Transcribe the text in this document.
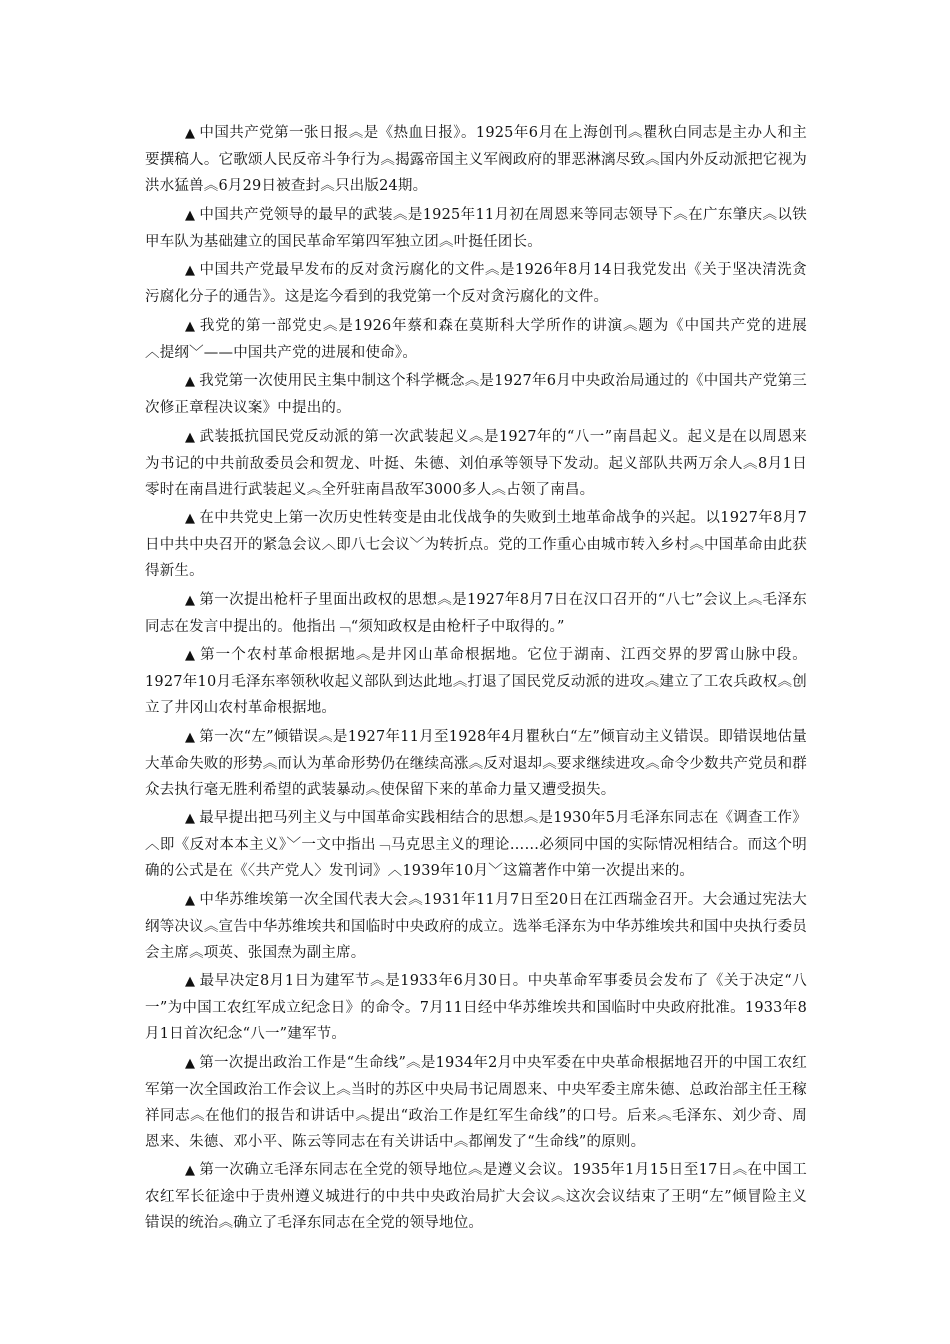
▲ 中国共产党第一张日报︽是《热血日报》。1925年6月在上海创刊︽瞿秋白同志是主办人和主要撰稿人。它歌颂人民反帝斗争行为︽揭露帝国主义军阀政府的罪恶淋漓尽致︽国内外反动派把它视为洪水猛兽︽6月29日被查封︽只出版24期。

▲ 中国共产党领导的最早的武装︽是1925年11月初在周恩来等同志领导下︽在广东肇庆︽以铁甲车队为基础建立的国民革命军第四军独立团︽叶挺任团长。

▲ 中国共产党最早发布的反对贪污腐化的文件︽是1926年8月14日我党发出《关于坚决清洗贪污腐化分子的通告》。这是迄今看到的我党第一个反对贪污腐化的文件。

▲ 我党的第一部党史︽是1926年蔡和森在莫斯科大学所作的讲演︽题为《中国共产党的进展︿提纲﹀——中国共产党的进展和使命》。

▲ 我党第一次使用民主集中制这个科学概念︽是1927年6月中央政治局通过的《中国共产党第三次修正章程决议案》中提出的。

▲ 武装抵抗国民党反动派的第一次武装起义︽是1927年的“八一”南昌起义。起义是在以周恩来为书记的中共前敌委员会和贺龙、叶挺、朱德、刘伯承等领导下发动。起义部队共两万余人︽8月1日零时在南昌进行武装起义︽全歼驻南昌敌军3000多人︽占领了南昌。

▲ 在中共党史上第一次历史性转变是由北伐战争的失败到土地革命战争的兴起。以1927年8月7日中共中央召开的紧急会议︿即八七会议﹀为转折点。党的工作重心由城市转入乡村︽中国革命由此获得新生。

▲ 第一次提出枪杆子里面出政权的思想︽是1927年8月7日在汉口召开的“八七”会议上︽毛泽东同志在发言中提出的。他指出﹁“须知政权是由枪杆子中取得的。”

▲ 第一个农村革命根据地︽是井冈山革命根据地。它位于湖南、江西交界的罗霄山脉中段。1927年10月毛泽东率领秋收起义部队到达此地︽打退了国民党反动派的进攻︽建立了工农兵政权︽创立了井冈山农村革命根据地。

▲ 第一次“左”倾错误︽是1927年11月至1928年4月瞿秋白“左”倾盲动主义错误。即错误地估量大革命失败的形势︽而认为革命形势仍在继续高涨︽反对退却︽要求继续进攻︽命令少数共产党员和群众去执行毫无胜利希望的武装暴动︽使保留下来的革命力量又遭受损失。

▲ 最早提出把马列主义与中国革命实践相结合的思想︽是1930年5月毛泽东同志在《调查工作》︿即《反对本本主义》﹀一文中指出﹁马克思主义的理论……必须同中国的实际情况相结合。而这个明确的公式是在《〈共产党人〉发刊词》︿1939年10月﹀这篇著作中第一次提出来的。

▲ 中华苏维埃第一次全国代表大会︽1931年11月7日至20日在江西瑞金召开。大会通过宪法大纲等决议︽宣告中华苏维埃共和国临时中央政府的成立。选举毛泽东为中华苏维埃共和国中央执行委员会主席︽项英、张国焘为副主席。

▲ 最早决定8月1日为建军节︽是1933年6月30日。中央革命军事委员会发布了《关于决定“八一”为中国工农红军成立纪念日》的命令。7月11日经中华苏维埃共和国临时中央政府批准。1933年8月1日首次纪念“八一”建军节。

▲ 第一次提出政治工作是“生命线”︽是1934年2月中央军委在中央革命根据地召开的中国工农红军第一次全国政治工作会议上︽当时的苏区中央局书记周恩来、中央军委主席朱德、总政治部主任王稼祥同志︽在他们的报告和讲话中︽提出“政治工作是红军生命线”的口号。后来︽毛泽东、刘少奇、周恩来、朱德、邓小平、陈云等同志在有关讲话中︽都阐发了“生命线”的原则。

▲ 第一次确立毛泽东同志在全党的领导地位︽是遵义会议。1935年1月15日至17日︽在中国工农红军长征途中于贵州遵义城进行的中共中央政治局扩大会议︽这次会议结束了王明“左”倾冒险主义错误的统治︽确立了毛泽东同志在全党的领导地位。
